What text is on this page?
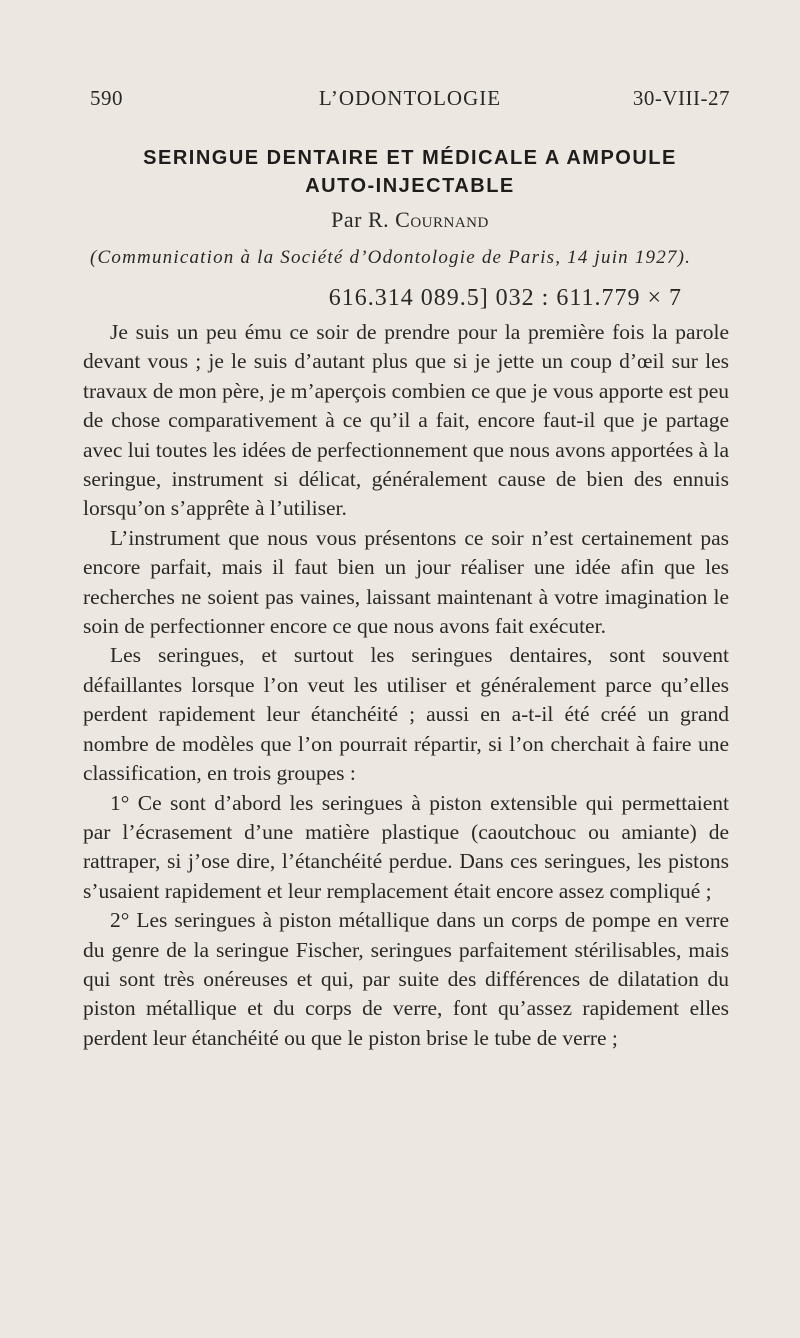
590	L’ODONTOLOGIE	30-VIII-27
SERINGUE DENTAIRE ET MÉDICALE A AMPOULE
AUTO-INJECTABLE
Par R. Cournand
(Communication à la Société d’Odontologie de Paris, 14 juin 1927).
616.314 089.5] 032 : 611.779 × 7

Je suis un peu ému ce soir de prendre pour la première fois la parole devant vous ; je le suis d’autant plus que si je jette un coup d’œil sur les travaux de mon père, je m’aperçois combien ce que je vous apporte est peu de chose comparativement à ce qu’il a fait, encore faut-il que je partage avec lui toutes les idées de perfectionnement que nous avons apportées à la seringue, instrument si délicat, généralement cause de bien des ennuis lorsqu’on s’apprête à l’utiliser.

L’instrument que nous vous présentons ce soir n’est certainement pas encore parfait, mais il faut bien un jour réaliser une idée afin que les recherches ne soient pas vaines, laissant maintenant à votre imagination le soin de perfectionner encore ce que nous avons fait exécuter.

Les seringues, et surtout les seringues dentaires, sont souvent défaillantes lorsque l’on veut les utiliser et généralement parce qu’elles perdent rapidement leur étanchéité ; aussi en a-t-il été créé un grand nombre de modèles que l’on pourrait répartir, si l’on cherchait à faire une classification, en trois groupes :

1° Ce sont d’abord les seringues à piston extensible qui permettaient par l’écrasement d’une matière plastique (caoutchouc ou amiante) de rattraper, si j’ose dire, l’étanchéité perdue. Dans ces seringues, les pistons s’usaient rapidement et leur remplacement était encore assez compliqué ;

2° Les seringues à piston métallique dans un corps de pompe en verre du genre de la seringue Fischer, seringues parfaitement stérilisables, mais qui sont très onéreuses et qui, par suite des différences de dilatation du piston métallique et du corps de verre, font qu’assez rapidement elles perdent leur étanchéité ou que le piston brise le tube de verre ;
